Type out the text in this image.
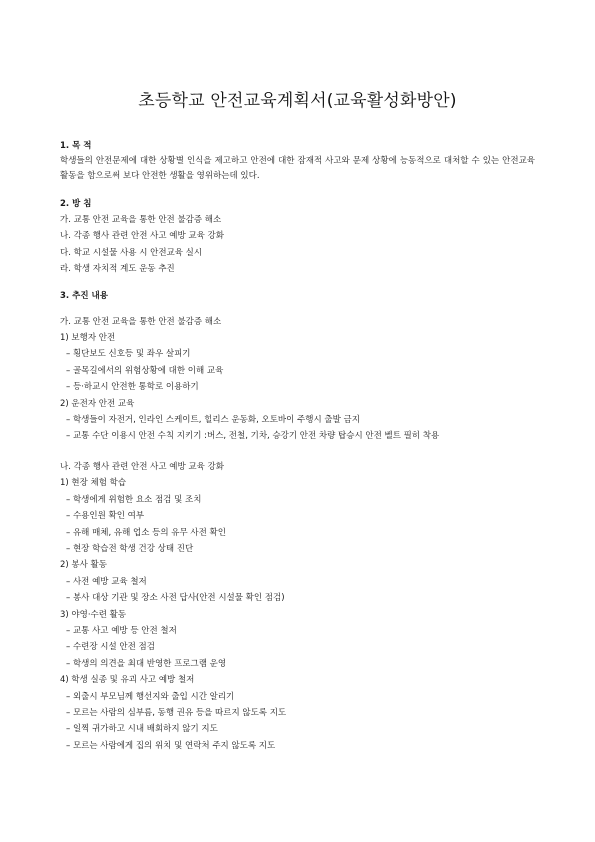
초등학교 안전교육계획서(교육활성화방안)

1. 목 적

학생들의 안전문제에 대한 상황별 인식을 제고하고 안전에 대한 잠재적 사고와 문제 상황에 능동적으로 대처할 수 있는 안전교육 활동을 함으로써 보다 안전한 생활을 영위하는데 있다.

2. 방 침

가. 교통 안전 교육을 통한 안전 불감증 해소

나. 각종 행사 관련 안전 사고 예방 교육 강화

다. 학교 시설물 사용 시 안전교육 실시

라. 학생 자치적 계도 운동 추진

3. 추진 내용

가. 교통 안전 교육을 통한 안전 불감증 해소

1) 보행자 안전

– 횡단보도 신호등 및 좌우 살피기

– 골목길에서의 위험상황에 대한 이해 교육

– 등·하교시 안전한 통학로 이용하기

2) 운전자 안전 교육

– 학생들이 자전거, 인라인 스케이트, 힐리스 운동화, 오토바이 주행시 출발 금지

– 교통 수단 이용시 안전 수칙 지키기 :버스, 전철, 기차, 승강기 안전 차량 탑승시 안전 벨트 필히 착용

나. 각종 행사 관련 안전 사고 예방 교육 강화

1) 현장 체험 학습

– 학생에게 위험한 요소 점검 및 조치

– 수용인원 확인 여부

– 유해 매체, 유해 업소 등의 유무 사전 확인

– 현장 학습전 학생 건강 상태 진단

2) 봉사 활동

– 사전 예방 교육 철저

– 봉사 대상 기관 및 장소 사전 답사(안전 시설물 확인 점검)

3) 야영·수련 활동

– 교통 사고 예방 등 안전 철저

– 수련장 시설 안전 점검

– 학생의 의견을 최대 반영한 프로그램 운영

4) 학생 실종 및 유괴 사고 예방 철저

– 외출시 부모님께 행선지와 출입 시간 알리기

– 모르는 사람의 심부름, 동행 권유 등을 따르지 않도록 지도

– 일찍 귀가하고 시내 배회하지 않기 지도

– 모르는 사람에게 집의 위치 및 연락처 주지 않도록 지도
